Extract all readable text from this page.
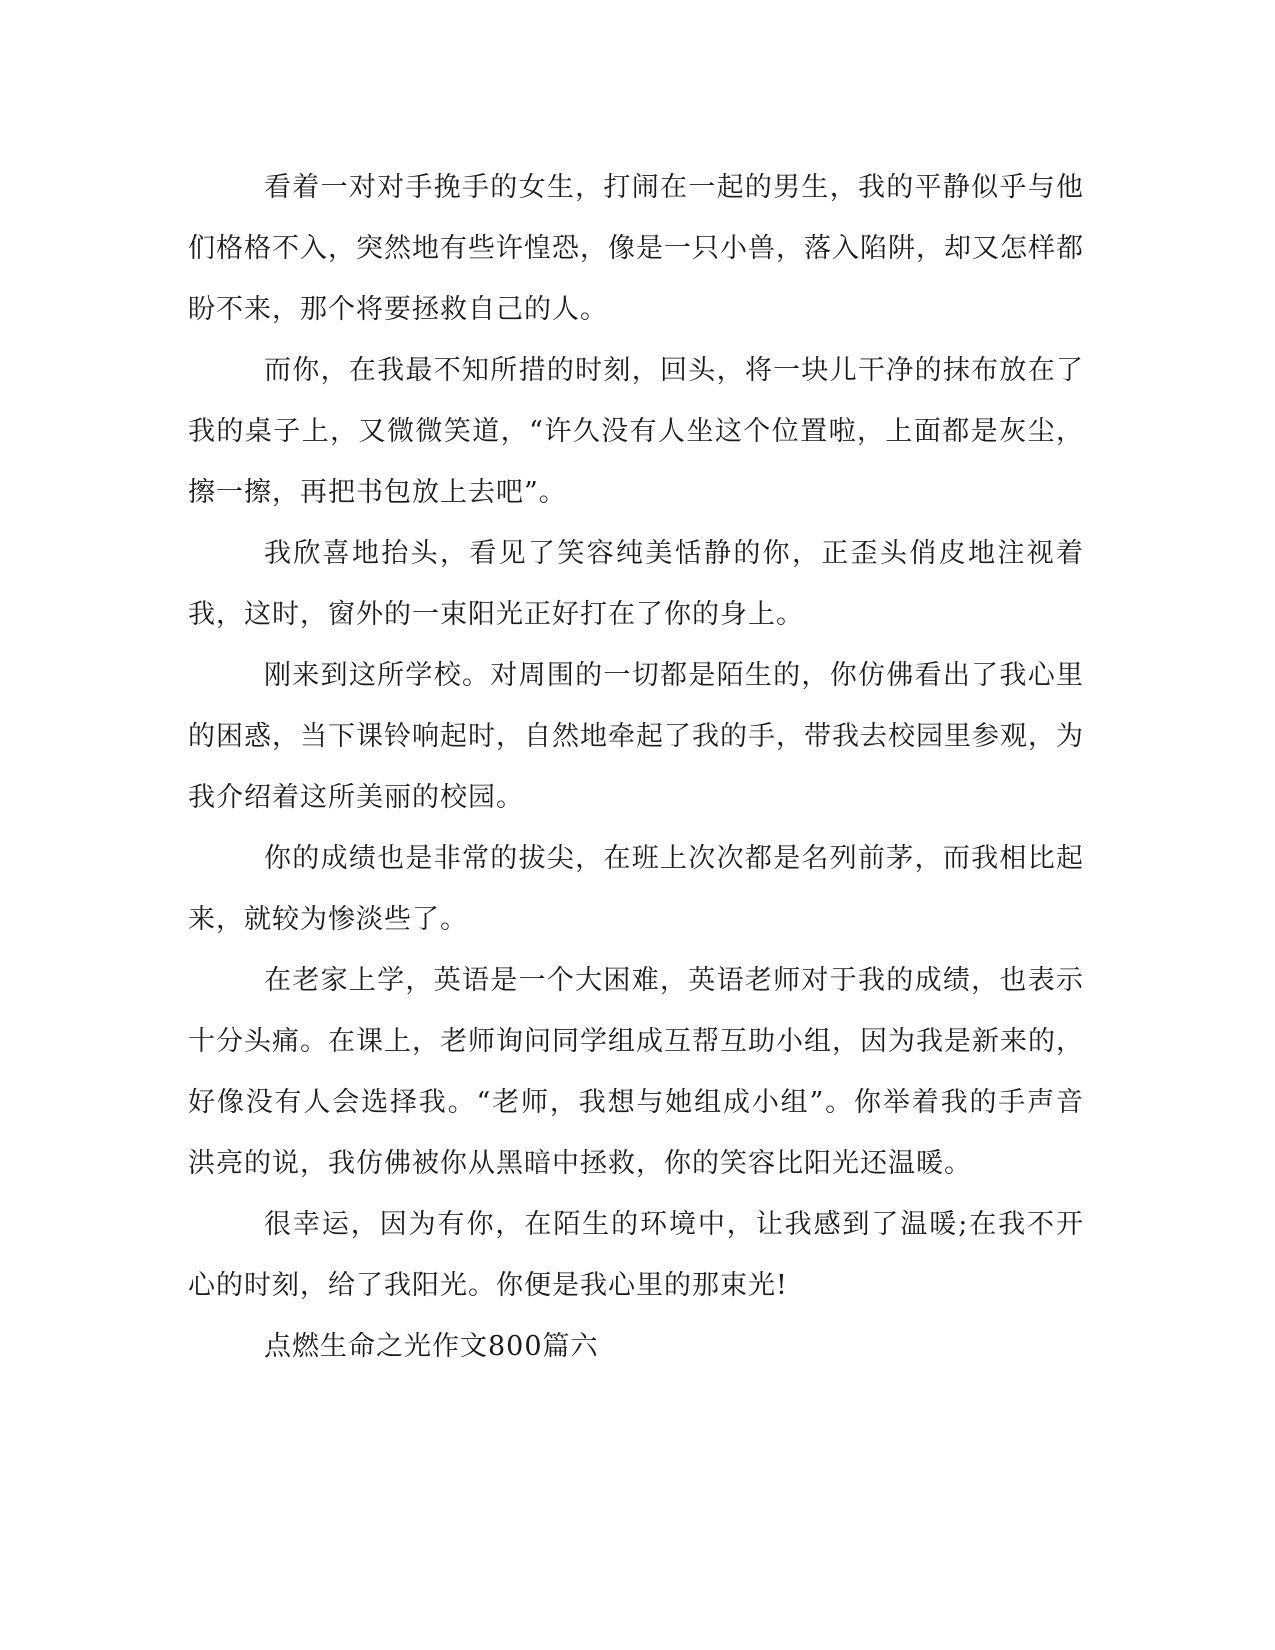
看着一对对手挽手的女生，打闹在一起的男生，我的平静似乎与他们格格不入，突然地有些许惶恐，像是一只小兽，落入陷阱，却又怎样都盼不来，那个将要拯救自己的人。

而你，在我最不知所措的时刻，回头，将一块儿干净的抹布放在了我的桌子上，又微微笑道，“许久没有人坐这个位置啦，上面都是灰尘，擦一擦，再把书包放上去吧”。

我欣喜地抬头，看见了笑容纯美恬静的你，正歪头俏皮地注视着我，这时，窗外的一束阳光正好打在了你的身上。

刚来到这所学校。对周围的一切都是陌生的，你仿佛看出了我心里的困惑，当下课铃响起时，自然地牵起了我的手，带我去校园里参观，为我介绍着这所美丽的校园。

你的成绩也是非常的拔尖，在班上次次都是名列前茅，而我相比起来，就较为惨淡些了。

在老家上学，英语是一个大困难，英语老师对于我的成绩，也表示十分头痛。在课上，老师询问同学组成互帮互助小组，因为我是新来的，好像没有人会选择我。“老师，我想与她组成小组”。你举着我的手声音洪亮的说，我仿佛被你从黑暗中拯救，你的笑容比阳光还温暖。

很幸运，因为有你，在陌生的环境中，让我感到了温暖;在我不开心的时刻，给了我阳光。你便是我心里的那束光!

点燃生命之光作文800篇六
